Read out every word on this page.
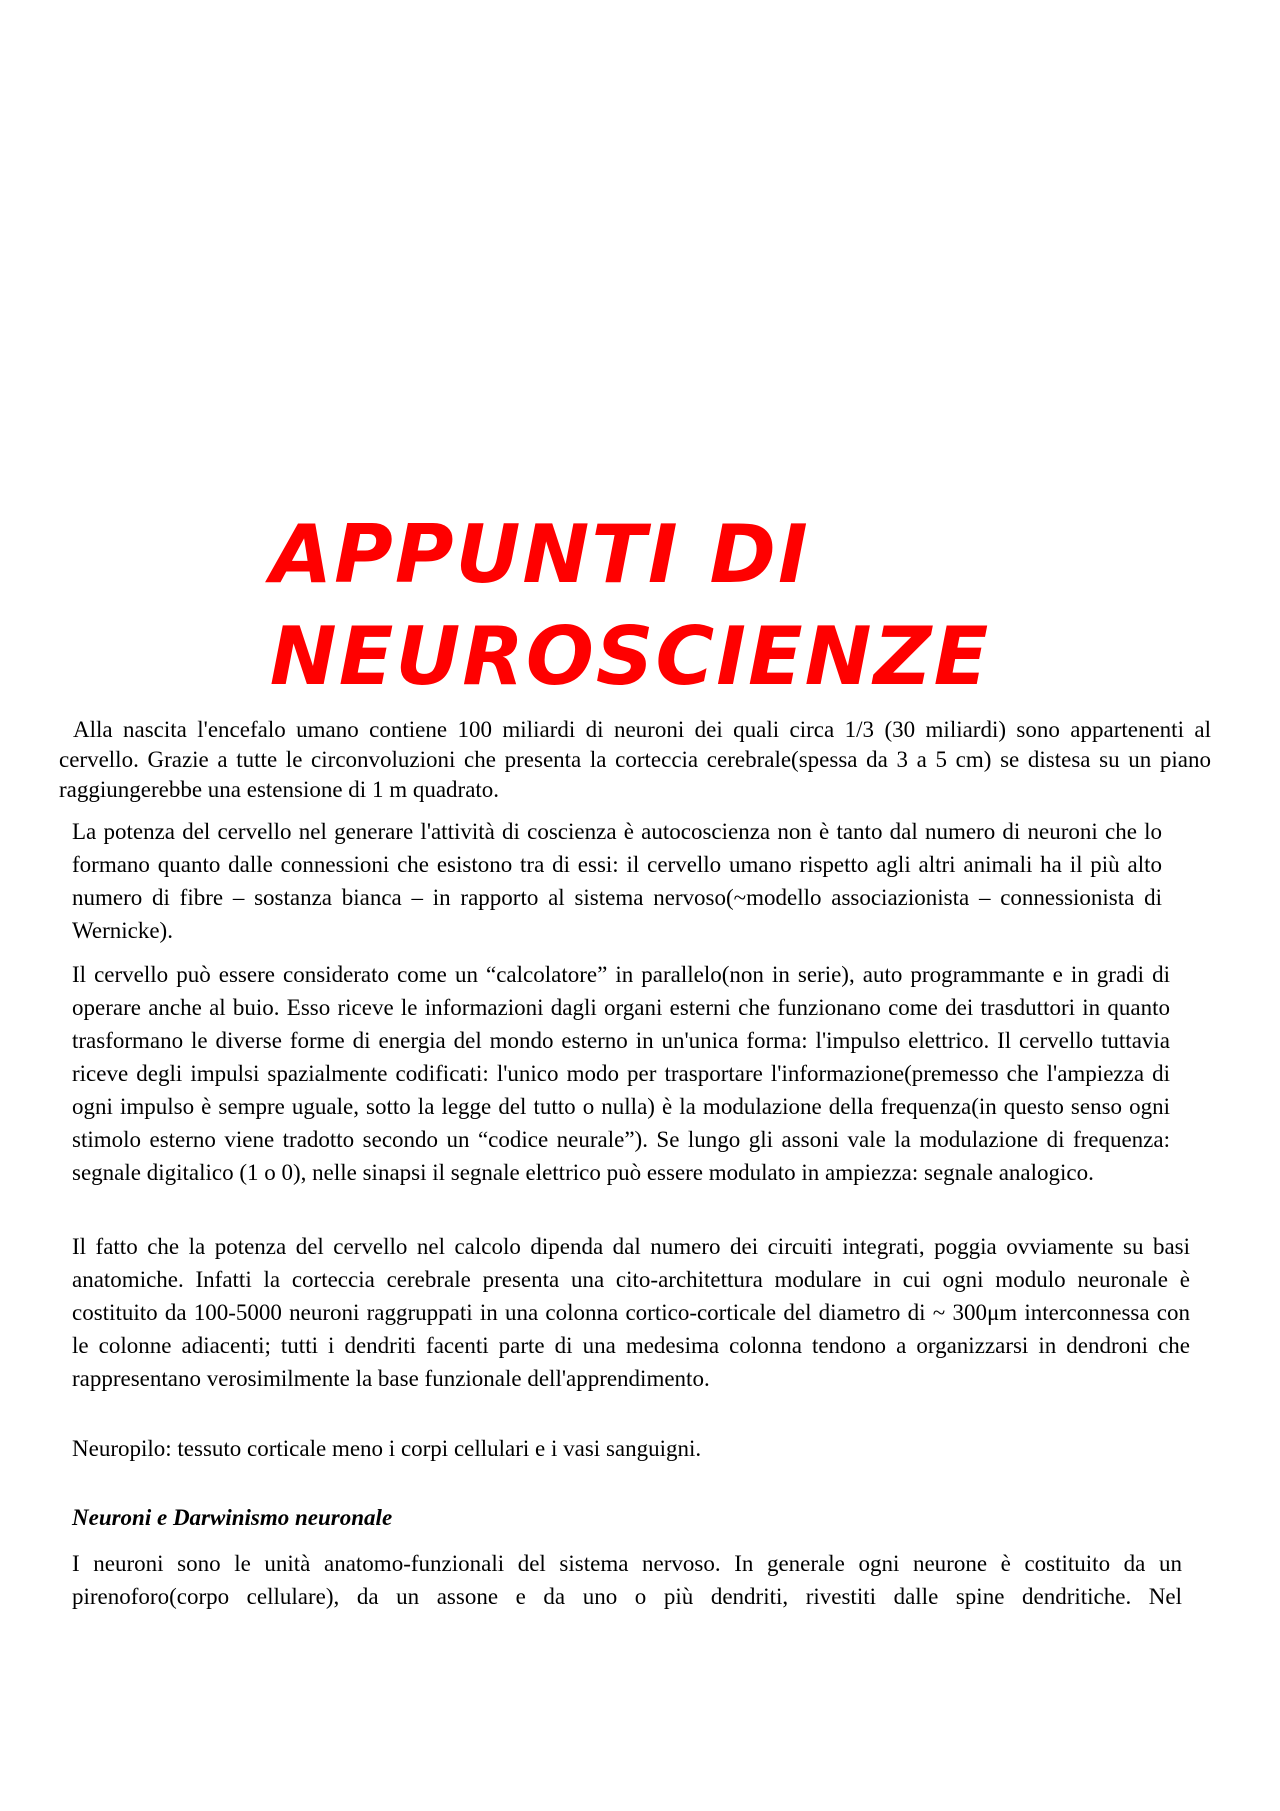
APPUNTI DI
NEUROSCIENZE

Alla nascita l'encefalo umano contiene 100 miliardi di neuroni dei quali circa 1/3 (30 miliardi) sono appartenenti al cervello. Grazie a tutte le circonvoluzioni che presenta la corteccia cerebrale(spessa da 3 a 5 cm) se distesa su un piano raggiungerebbe una estensione di 1 m quadrato.

La potenza del cervello nel generare l'attività di coscienza è autocoscienza non è tanto dal numero di neuroni che lo formano quanto dalle connessioni che esistono tra di essi: il cervello umano rispetto agli altri animali ha il più alto numero di fibre – sostanza bianca – in rapporto al sistema nervoso(~modello associazionista – connessionista di Wernicke).

Il cervello può essere considerato come un “calcolatore” in parallelo(non in serie), auto programmante e in gradi di operare anche al buio. Esso riceve le informazioni dagli organi esterni che funzionano come dei trasduttori in quanto trasformano le diverse forme di energia del mondo esterno in un'unica forma: l'impulso elettrico. Il cervello tuttavia riceve degli impulsi spazialmente codificati: l'unico modo per trasportare l'informazione(premesso che l'ampiezza di ogni impulso è sempre uguale, sotto la legge del tutto o nulla) è la modulazione della frequenza(in questo senso ogni stimolo esterno viene tradotto secondo un “codice neurale”). Se lungo gli assoni vale la modulazione di frequenza: segnale digitalico (1 o 0), nelle sinapsi il segnale elettrico può essere modulato in ampiezza: segnale analogico.

Il fatto che la potenza del cervello nel calcolo dipenda dal numero dei circuiti integrati, poggia ovviamente su basi anatomiche. Infatti la corteccia cerebrale presenta una cito-architettura modulare in cui ogni modulo neuronale è costituito da 100-5000 neuroni raggruppati in una colonna cortico-corticale del diametro di ~ 300μm interconnessa con le colonne adiacenti; tutti i dendriti facenti parte di una medesima colonna tendono a organizzarsi in dendroni che rappresentano verosimilmente la base funzionale dell'apprendimento.

Neuropilo: tessuto corticale meno i corpi cellulari e i vasi sanguigni.

Neuroni e Darwinismo neuronale

I neuroni sono le unità anatomo-funzionali del sistema nervoso. In generale ogni neurone è costituito da un pirenoforo(corpo cellulare), da un assone e da uno o più dendriti, rivestiti dalle spine dendritiche. Nel
